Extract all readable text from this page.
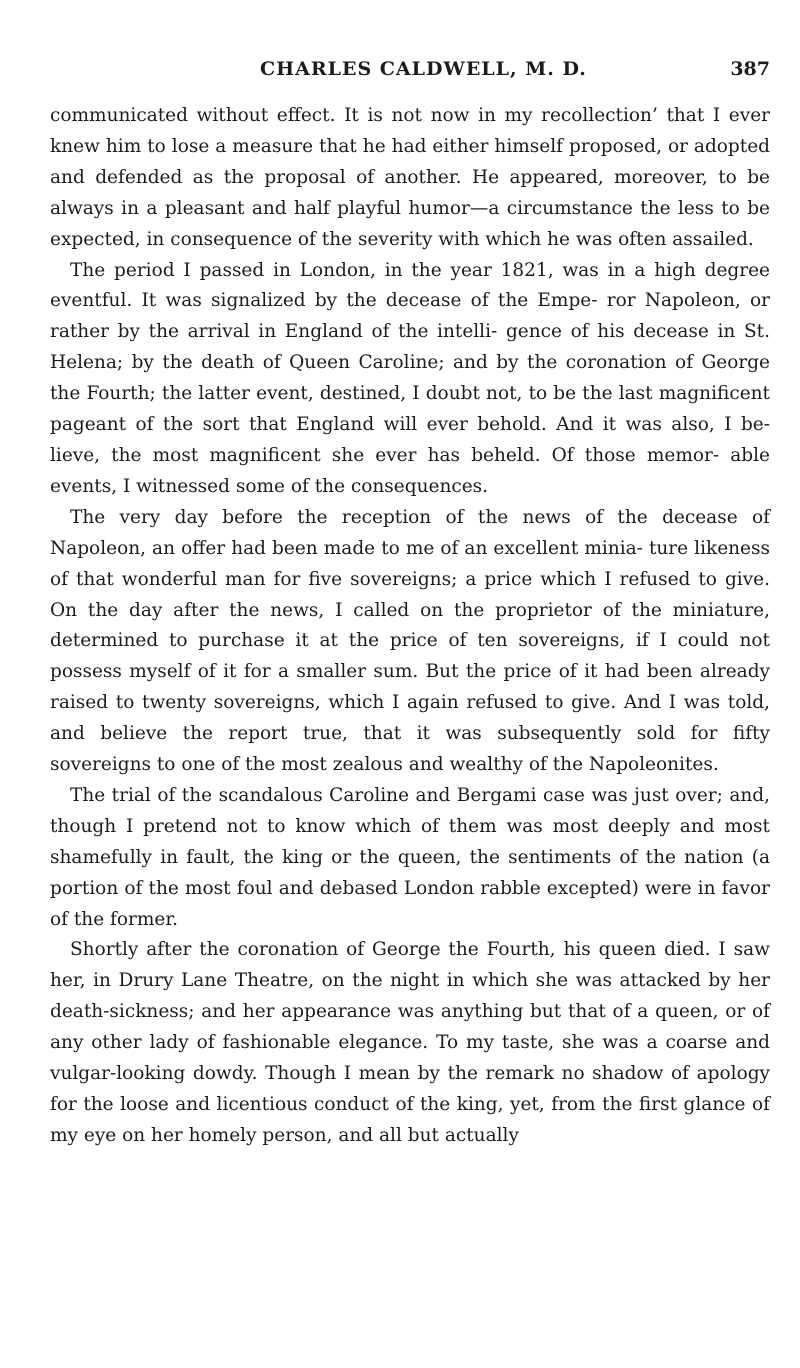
CHARLES CALDWELL, M. D.	387

communicated without effect. It is not now in my recollection’ that I ever knew him to lose a measure that he had either himself proposed, or adopted and defended as the proposal of another. He appeared, moreover, to be always in a pleasant and half playful humor—a circumstance the less to be expected, in consequence of the severity with which he was often assailed.

The period I passed in London, in the year 1821, was in a high degree eventful. It was signalized by the decease of the Empe- ror Napoleon, or rather by the arrival in England of the intelli- gence of his decease in St. Helena; by the death of Queen Caroline; and by the coronation of George the Fourth; the latter event, destined, I doubt not, to be the last magnificent pageant of the sort that England will ever behold. And it was also, I be- lieve, the most magnificent she ever has beheld. Of those memor- able events, I witnessed some of the consequences.

The very day before the reception of the news of the decease of Napoleon, an offer had been made to me of an excellent minia- ture likeness of that wonderful man for five sovereigns; a price which I refused to give. On the day after the news, I called on the proprietor of the miniature, determined to purchase it at the price of ten sovereigns, if I could not possess myself of it for a smaller sum. But the price of it had been already raised to twenty sovereigns, which I again refused to give. And I was told, and believe the report true, that it was subsequently sold for fifty sovereigns to one of the most zealous and wealthy of the Napoleonites.

The trial of the scandalous Caroline and Bergami case was just over; and, though I pretend not to know which of them was most deeply and most shamefully in fault, the king or the queen, the sentiments of the nation (a portion of the most foul and debased London rabble excepted) were in favor of the former.

Shortly after the coronation of George the Fourth, his queen died. I saw her, in Drury Lane Theatre, on the night in which she was attacked by her death-sickness; and her appearance was anything but that of a queen, or of any other lady of fashionable elegance. To my taste, she was a coarse and vulgar-looking dowdy. Though I mean by the remark no shadow of apology for the loose and licentious conduct of the king, yet, from the first glance of my eye on her homely person, and all but actually
